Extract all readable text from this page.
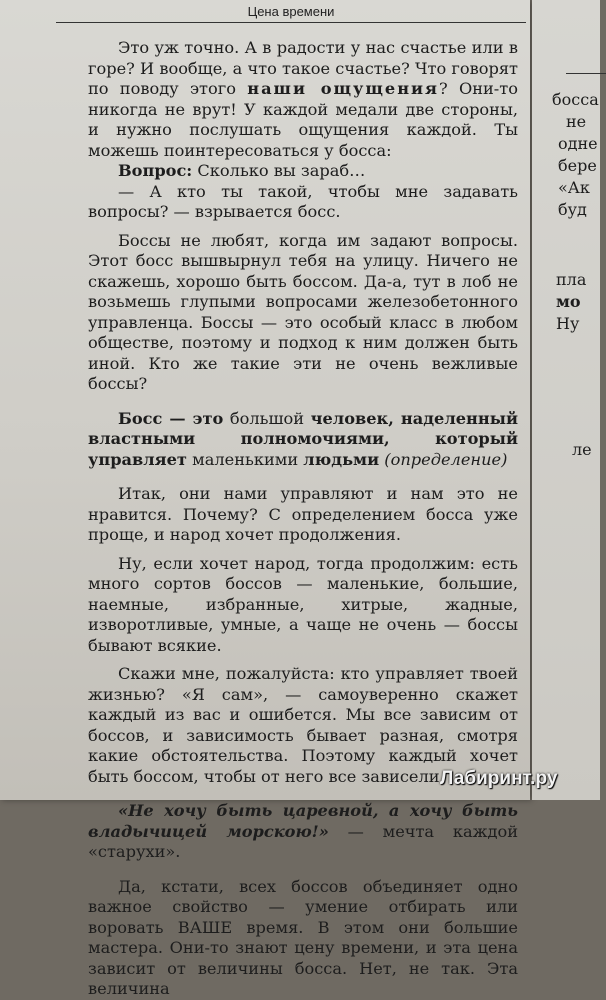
Цена времени

Это уж точно. А в радости у нас счастье или в горе? И вообще, а что такое счастье? Что говорят по поводу этого наши ощущения? Они-то никогда не врут! У каждой медали две стороны, и нужно послушать ощущения каждой. Ты можешь поинтересоваться у босса:

Вопрос: Сколько вы зараб…

— А кто ты такой, чтобы мне задавать вопросы? — взрывается босс.

Боссы не любят, когда им задают вопросы. Этот босс вышвырнул тебя на улицу. Ничего не скажешь, хорошо быть боссом. Да-а, тут в лоб не возьмешь глупыми вопросами железобетонного управленца. Боссы — это особый класс в любом обществе, поэтому и подход к ним должен быть иной. Кто же такие эти не очень вежливые боссы?

Босс — это большой человек, наделенный властными полномочиями, который управляет маленькими людьми (определение)

Итак, они нами управляют и нам это не нравится. Почему? С определением босса уже проще, и народ хочет продолжения.

Ну, если хочет народ, тогда продолжим: есть много сортов боссов — маленькие, большие, наемные, избранные, хитрые, жадные, изворотливые, умные, а чаще не очень — боссы бывают всякие.

Скажи мне, пожалуйста: кто управляет твоей жизнью? «Я сам», — самоуверенно скажет каждый из вас и ошибется. Мы все зависим от боссов, и зависимость бывает разная, смотря какие обстоятельства. Поэтому каждый хочет быть боссом, чтобы от него все зависели.

«Не хочу быть царевной, а хочу быть владычицей морскою!» — мечта каждой «старухи».

Да, кстати, всех боссов объединяет одно важное свойство — умение отбирать или воровать ВАШЕ время. В этом они большие мастера. Они-то знают цену времени, и эта цена зависит от величины босса. Нет, не так. Эта величина

босса
не
одне
бере
«Ак
буд
пла
мо
Ну
ле
Лабиринт.ру
